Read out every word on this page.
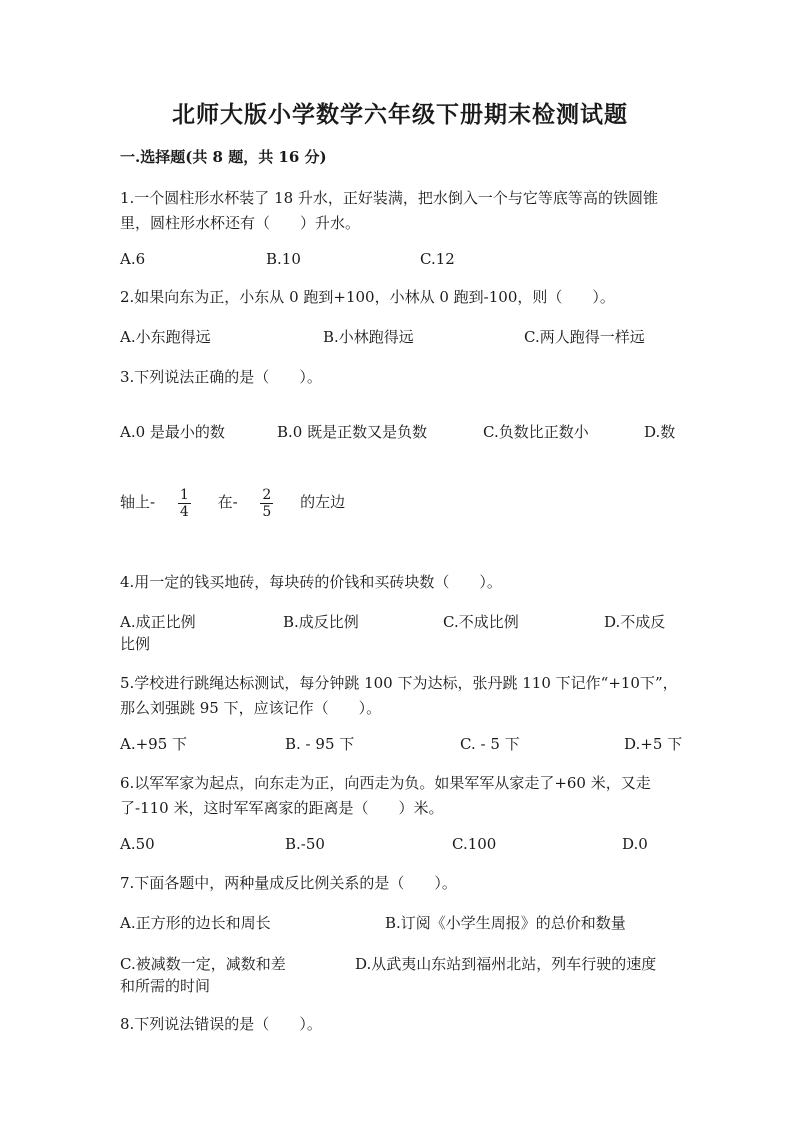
北师大版小学数学六年级下册期末检测试题
一.选择题(共 8 题，共 16 分)
1.一个圆柱形水杯装了 18 升水，正好装满，把水倒入一个与它等底等高的铁圆锥里，圆柱形水杯还有（　　）升水。
A.6	B.10	C.12
2.如果向东为正，小东从 0 跑到+100，小林从 0 跑到-100，则（　　）。
A.小东跑得远	B.小林跑得远	C.两人跑得一样远
3.下列说法正确的是（　　）。
A.0 是最小的数	B.0 既是正数又是负数	C.负数比正数小	D.数
轴上- $\frac{1}{4}$ 在- $\frac{2}{5}$ 的左边
4.用一定的钱买地砖，每块砖的价钱和买砖块数（　　）。
A.成正比例	B.成反比例	C.不成比例	D.不成反
比例
5.学校进行跳绳达标测试，每分钟跳 100 下为达标，张丹跳 110 下记作“+10下”，那么刘强跳 95 下，应该记作（　　）。
A.+95 下	B. - 95 下	C. - 5 下	D.+5 下
6.以军军家为起点，向东走为正，向西走为负。如果军军从家走了+60 米，又走了-110 米，这时军军离家的距离是（　　）米。
A.50	B.-50	C.100	D.0
7.下面各题中，两种量成反比例关系的是（　　）。
A.正方形的边长和周长	B.订阅《小学生周报》的总价和数量
C.被减数一定，减数和差	D.从武夷山东站到福州北站，列车行驶的速度
和所需的时间
8.下列说法错误的是（　　）。
